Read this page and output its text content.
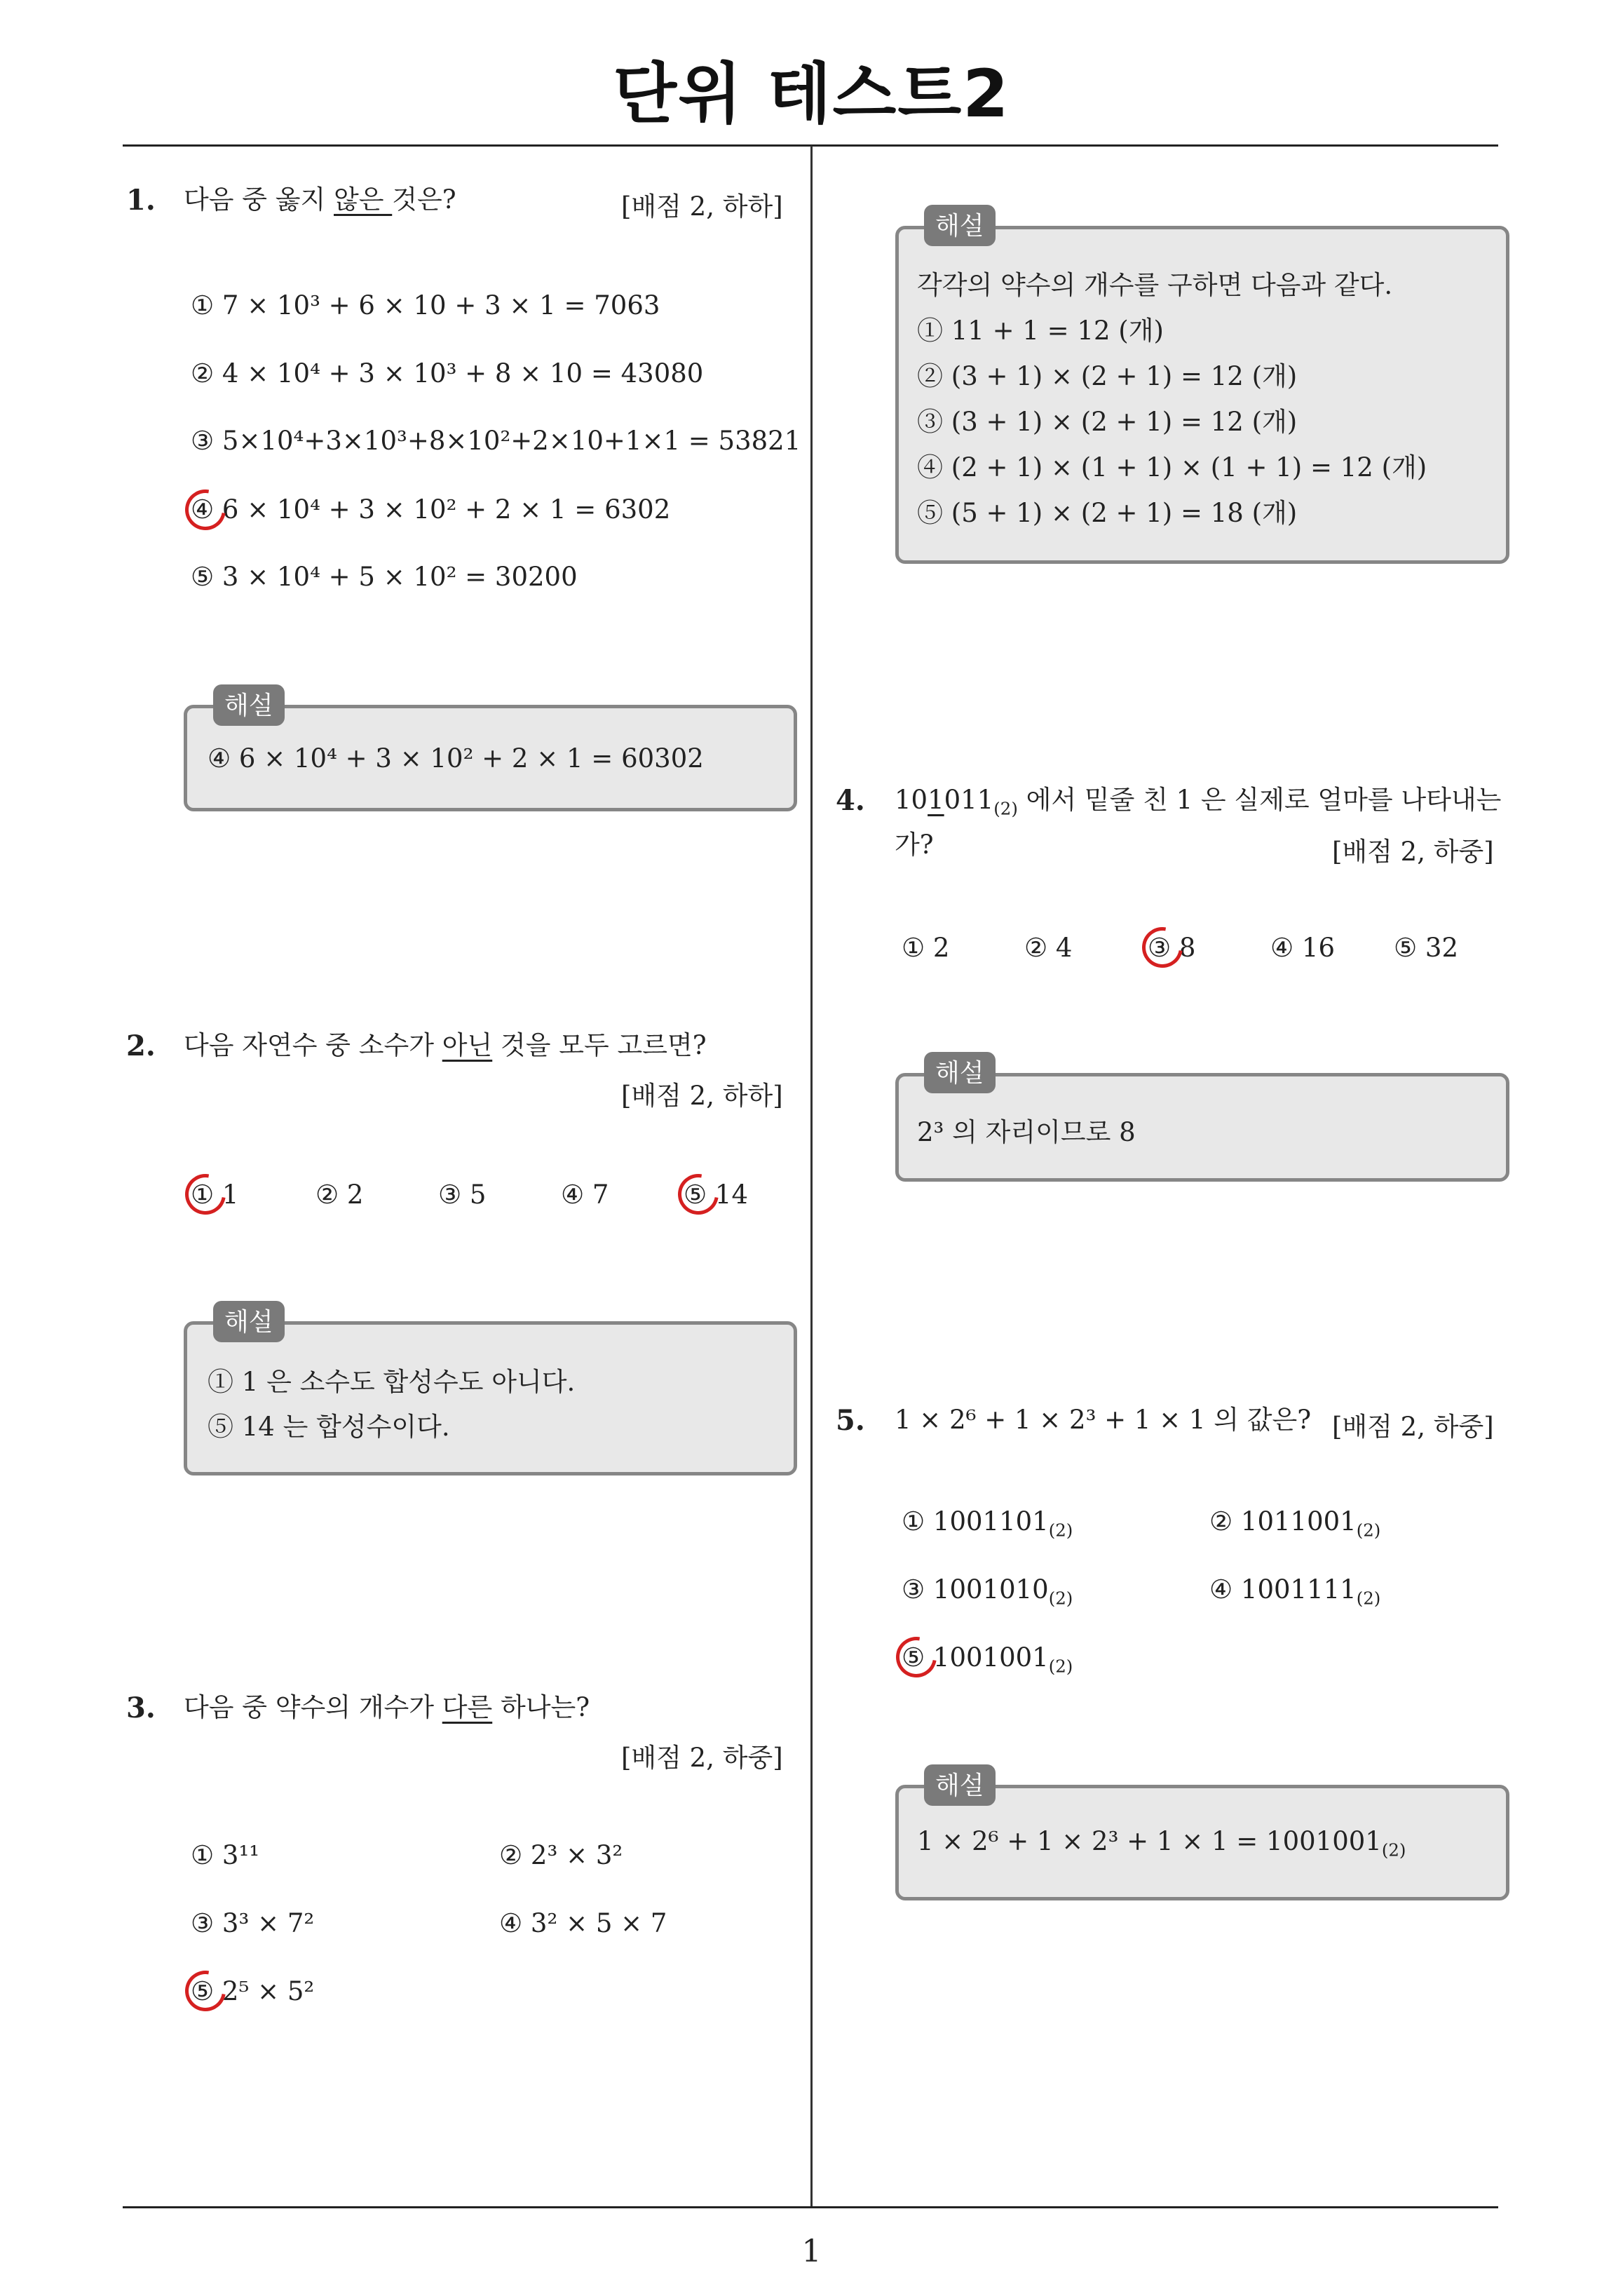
단위 테스트2
1
1. 다음 중 옳지 않은 것은?	[배점 2, 하하]
① 7 × 10³ + 6 × 10 + 3 × 1 = 7063
② 4 × 10⁴ + 3 × 10³ + 8 × 10 = 43080
③ 5×10⁴+3×10³+8×10²+2×10+1×1 = 53821
④ 6 × 10⁴ + 3 × 10² + 2 × 1 = 6302
⑤ 3 × 10⁴ + 5 × 10² = 30200
해설
④ 6 × 10⁴ + 3 × 10² + 2 × 1 = 60302
2. 다음 자연수 중 소수가 아닌 것을 모두 고르면?
[배점 2, 하하]
① 1	② 2	③ 5	④ 7	⑤ 14
해설
① 1 은 소수도 합성수도 아니다.
⑤ 14 는 합성수이다.
3. 다음 중 약수의 개수가 다른 하나는?
[배점 2, 하중]
① 3¹¹	② 2³ × 3²
③ 3³ × 7²	④ 3² × 5 × 7
⑤ 2⁵ × 5²
해설
각각의 약수의 개수를 구하면 다음과 같다.
① 11 + 1 = 12 (개)
② (3 + 1) × (2 + 1) = 12 (개)
③ (3 + 1) × (2 + 1) = 12 (개)
④ (2 + 1) × (1 + 1) × (1 + 1) = 12 (개)
⑤ (5 + 1) × (2 + 1) = 18 (개)
4. $101011_{(2)}$ 에서 밑줄 친 1 은 실제로 얼마를 나타내는
가?	[배점 2, 하중]
① 2	② 4	③ 8	④ 16 ⑤ 32
해설
2³ 의 자리이므로 8
5. 1 × 2⁶ + 1 × 2³ + 1 × 1 의 값은? [배점 2, 하중]
① $1001101_{(2)}$	② $1011001_{(2)}$
③ $1001010_{(2)}$	④ $1001111_{(2)}$
⑤ $1001001_{(2)}$
해설
$1 \times 2^6 + 1 \times 2^3 + 1 \times 1 = 1001001_{(2)}$
